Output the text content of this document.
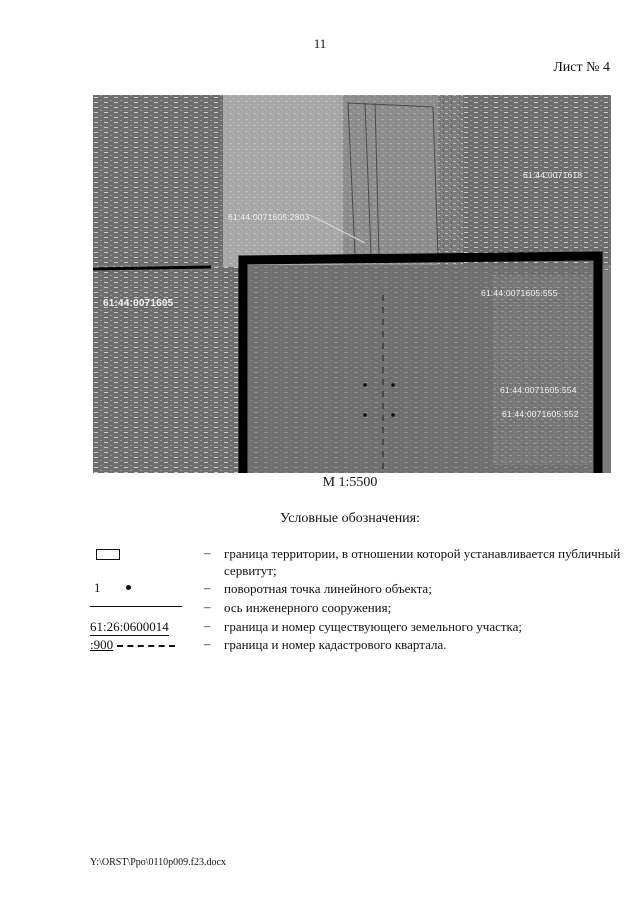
11
Лист № 4
61:44:0071618
61:44:0071605:2803
61:44:0071605
61:44:0071605:555
61:44:0071605:554
61:44:0071605:552
М 1:5500
Условные обозначения:
– граница территории, в отношении которой устанавливается публичный сервитут;
1	– поворотная точка линейного объекта;
– ось инженерного сооружения;
61:26:0600014	– граница и номер существующего земельного участка;
:900	– граница и номер кадастрового квартала.
Y:\ORST\Ppo\0110p009.f23.docx
